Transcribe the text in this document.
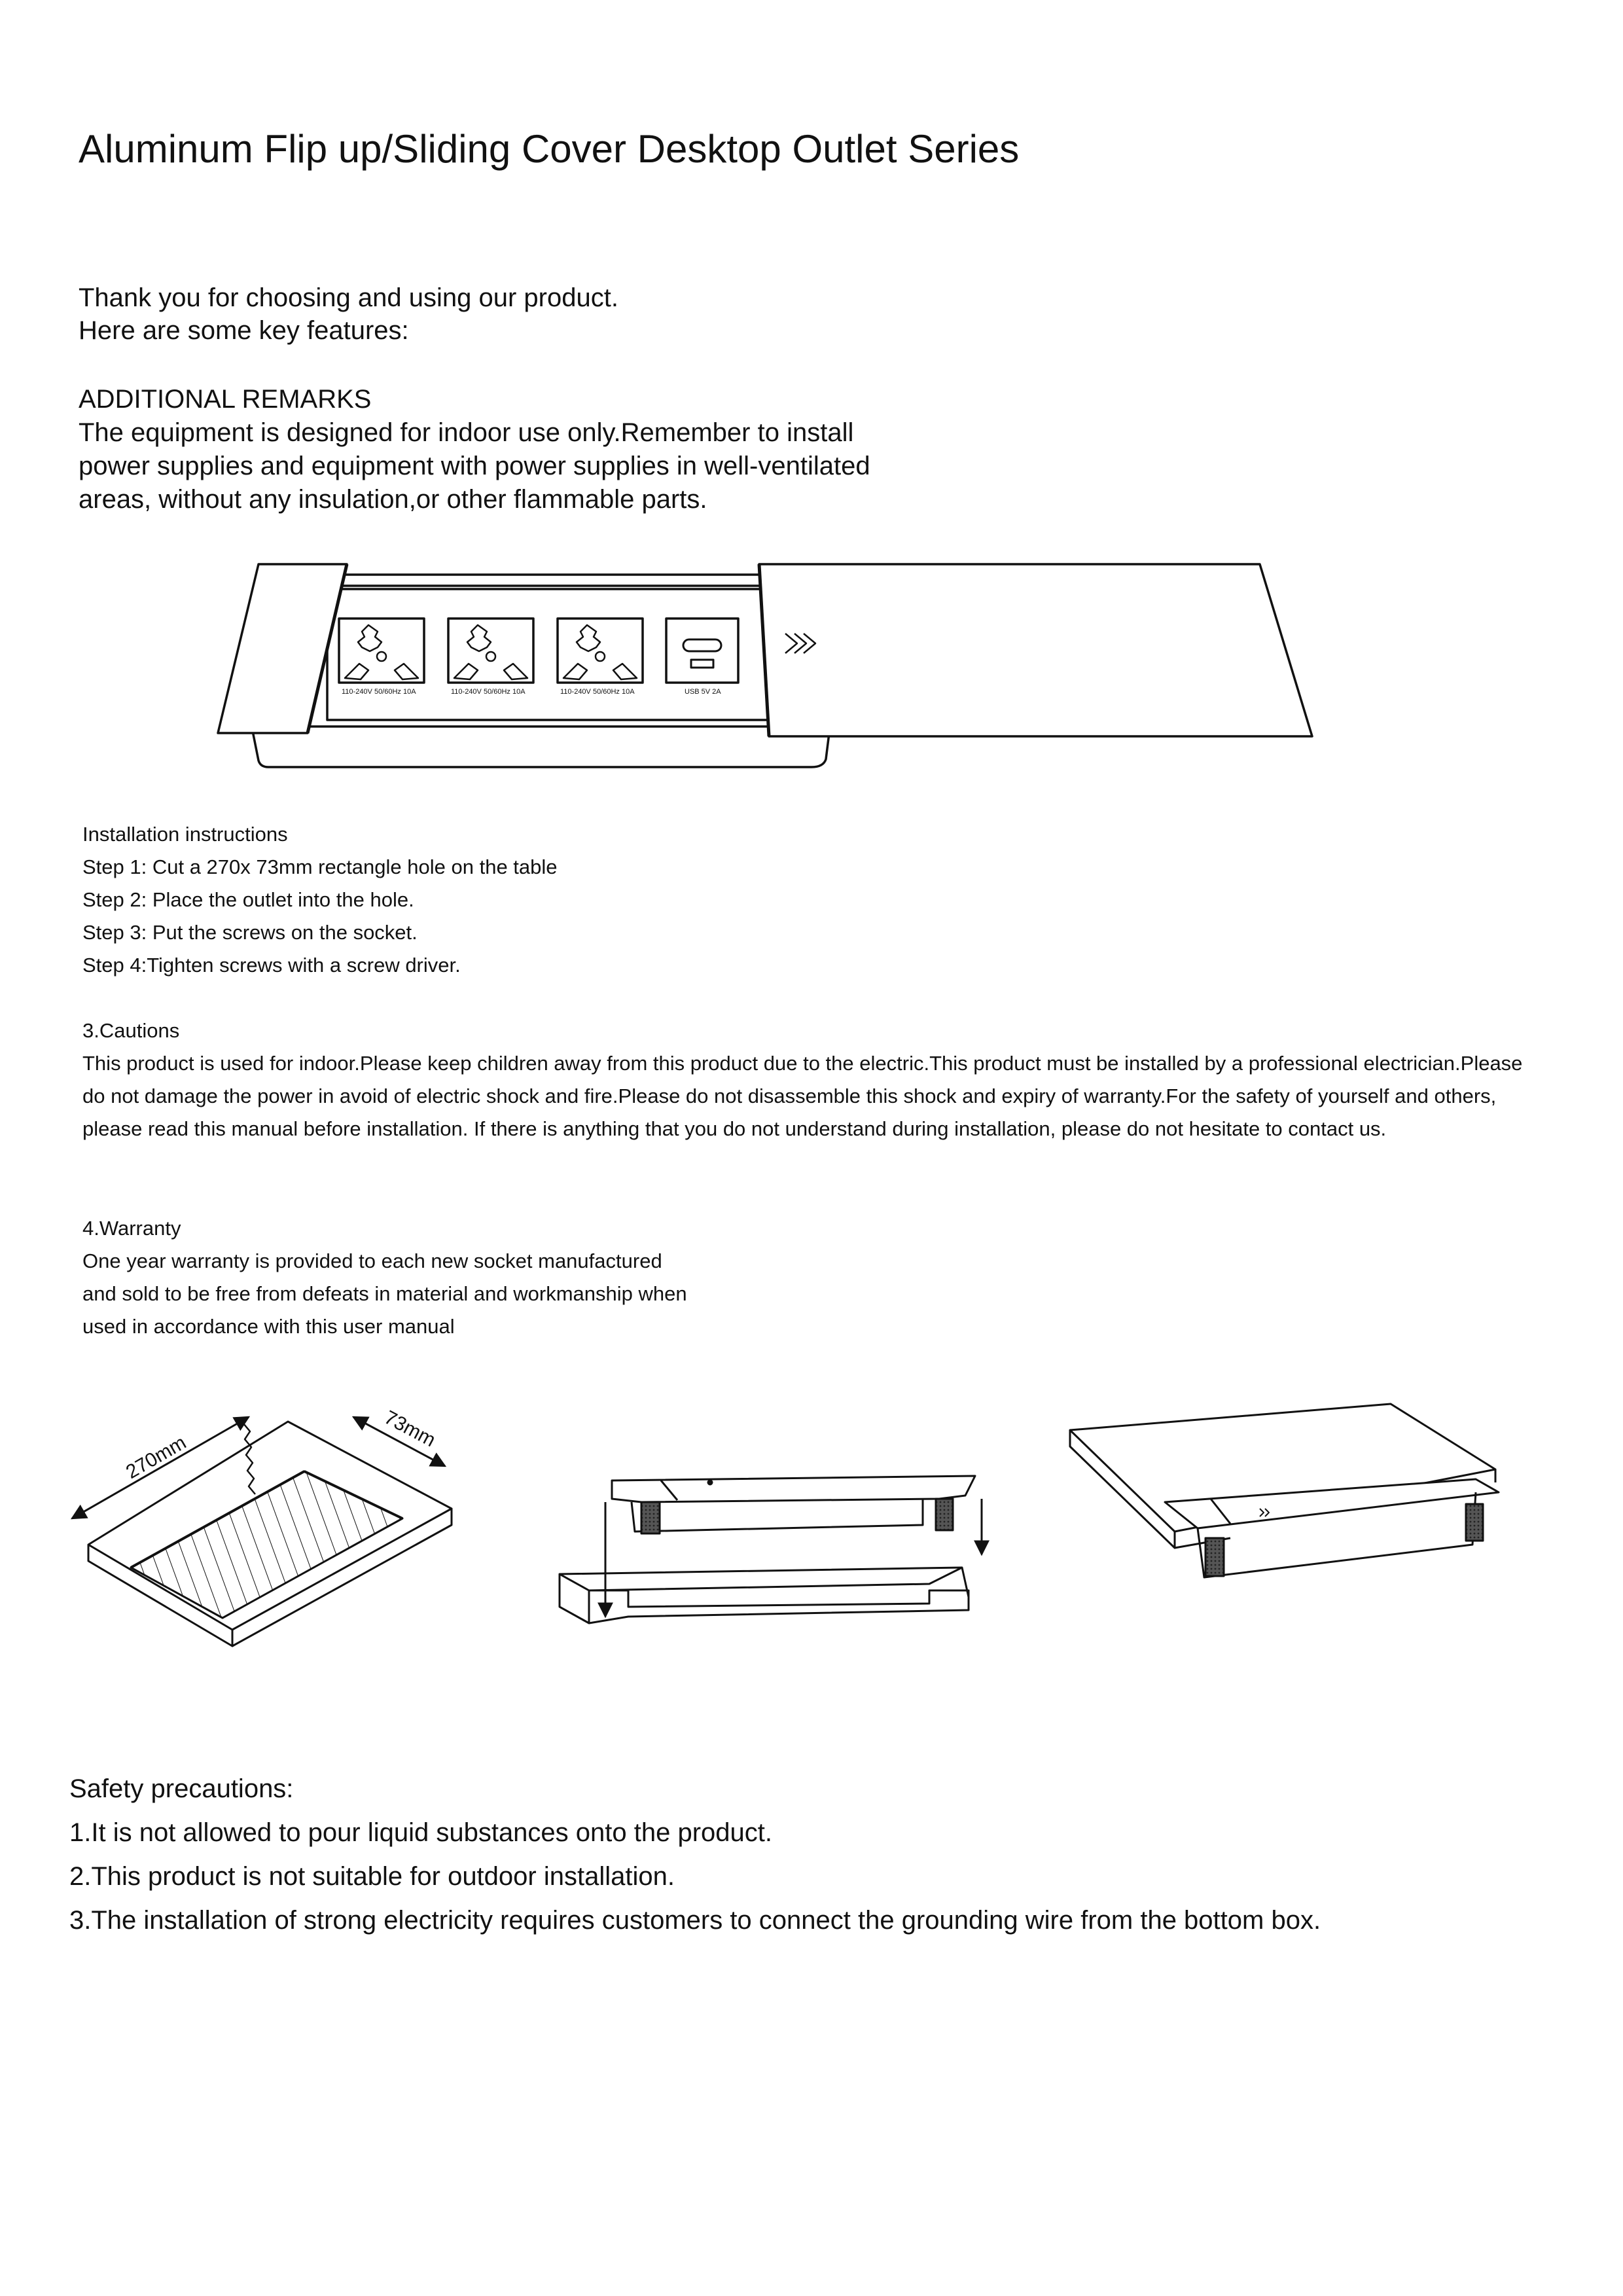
Aluminum Flip up/Sliding Cover Desktop Outlet Series
Thank you for choosing and using our product.
Here are some key features:
ADDITIONAL REMARKS
The equipment is designed for indoor use only.Remember to install
power supplies and equipment with power supplies in well-ventilated
areas, without any insulation,or other flammable parts.
110-240V 50/60Hz 10A	110-240V 50/60Hz 10A	110-240V 50/60Hz 10A	USB 5V 2A
Installation instructions
Step 1: Cut a 270x 73mm rectangle hole on the table
Step 2: Place the outlet into the hole.
Step 3: Put the screws on the socket.
Step 4:Tighten screws with a screw driver.
3.Cautions
This product is used for indoor.Please keep children away from this product due to the electric.This product must be installed by a professional electrician.Please do not damage the power in avoid of electric shock and fire.Please do not disassemble this shock and expiry of warranty.For the safety of yourself and others, please read this manual before installation. If there is anything that you do not understand during installation, please do not hesitate to contact us.
4.Warranty
One year warranty is provided to each new socket manufactured
and sold to be free from defeats in material and workmanship when
used in accordance with this user manual
270mm
73mm
Safety precautions:
1.It is not allowed to pour liquid substances onto the product.
2.This product is not suitable for outdoor installation.
3.The installation of strong electricity requires customers to connect the grounding wire from the bottom box.
